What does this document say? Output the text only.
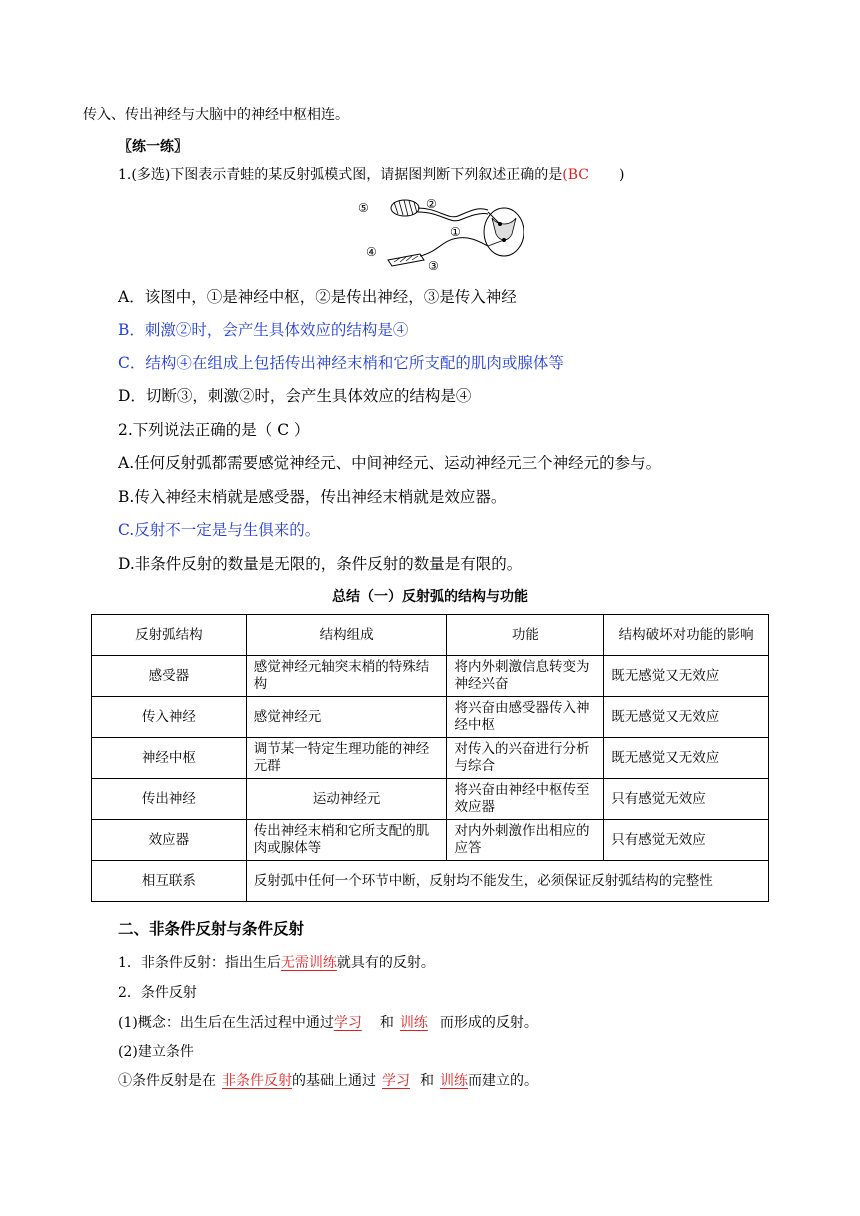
传入、传出神经与大脑中的神经中枢相连。
〖练一练〗
1.(多选)下图表示青蛙的某反射弧模式图，请据图判断下列叙述正确的是(BC )
⑤	②
①
④
③
A．该图中，①是神经中枢，②是传出神经，③是传入神经
B．刺激②时，会产生具体效应的结构是④
C．结构④在组成上包括传出神经末梢和它所支配的肌肉或腺体等
D．切断③，刺激②时，会产生具体效应的结构是④
2.下列说法正确的是（ C ）
A.任何反射弧都需要感觉神经元、中间神经元、运动神经元三个神经元的参与。
B.传入神经末梢就是感受器，传出神经末梢就是效应器。
C.反射不一定是与生俱来的。
D.非条件反射的数量是无限的，条件反射的数量是有限的。
总结（一）反射弧的结构与功能
反射弧结构	结构组成	功能	结构破坏对功能的影响
感受器	感觉神经元轴突末梢的特殊结构	将内外刺激信息转变为神经兴奋	既无感觉又无效应
传入神经	感觉神经元	将兴奋由感受器传入神经中枢	既无感觉又无效应
神经中枢	调节某一特定生理功能的神经元群	对传入的兴奋进行分析与综合	既无感觉又无效应
传出神经	运动神经元	将兴奋由神经中枢传至效应器	只有感觉无效应
效应器	传出神经末梢和它所支配的肌肉或腺体等	对内外刺激作出相应的应答	只有感觉无效应
相互联系	反射弧中任何一个环节中断，反射均不能发生，必须保证反射弧结构的完整性		
二、非条件反射与条件反射
1．非条件反射：指出生后无需训练就具有的反射。
2．条件反射
(1)概念：出生后在生活过程中通过学习 和 训练 而形成的反射。
(2)建立条件
①条件反射是在 非条件反射的基础上通过 学习 和 训练而建立的。
